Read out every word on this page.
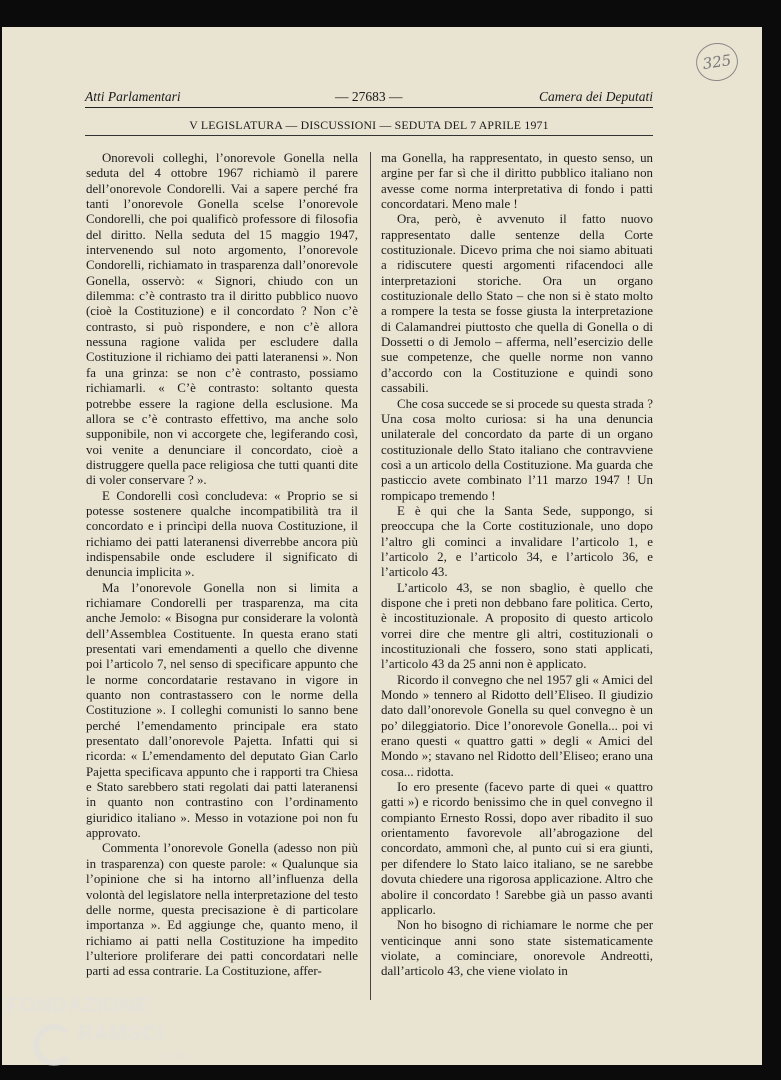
325
Atti Parlamentari	— 27683 —	Camera dei Deputati
V LEGISLATURA — DISCUSSIONI — SEDUTA DEL 7 APRILE 1971

Onorevoli colleghi, l’onorevole Gonella nella seduta del 4 ottobre 1967 richiamò il parere dell’onorevole Condorelli. Vai a sapere perché fra tanti l’onorevole Gonella scelse l’onorevole Condorelli, che poi qualificò professore di filosofia del diritto. Nella seduta del 15 maggio 1947, intervenendo sul noto argomento, l’onorevole Condorelli, richiamato in trasparenza dall’onorevole Gonella, osservò: « Signori, chiudo con un dilemma: c’è contrasto tra il diritto pubblico nuovo (cioè la Costituzione) e il concordato ? Non c’è contrasto, si può rispondere, e non c’è allora nessuna ragione valida per escludere dalla Costituzione il richiamo dei patti lateranensi ». Non fa una grinza: se non c’è contrasto, possiamo richiamarli. « C’è contrasto: soltanto questa potrebbe essere la ragione della esclusione. Ma allora se c’è contrasto effettivo, ma anche solo supponibile, non vi accorgete che, legiferando così, voi venite a denunciare il concordato, cioè a distruggere quella pace religiosa che tutti quanti dite di voler conservare ? ».

E Condorelli così concludeva: « Proprio se si potesse sostenere qualche incompatibilità tra il concordato e i princìpi della nuova Costituzione, il richiamo dei patti lateranensi diverrebbe ancora più indispensabile onde escludere il significato di denuncia implicita ».

Ma l’onorevole Gonella non si limita a richiamare Condorelli per trasparenza, ma cita anche Jemolo: « Bisogna pur considerare la volontà dell’Assemblea Costituente. In questa erano stati presentati vari emendamenti a quello che divenne poi l’articolo 7, nel senso di specificare appunto che le norme concordatarie restavano in vigore in quanto non contrastassero con le norme della Costituzione ». I colleghi comunisti lo sanno bene perché l’emendamento principale era stato presentato dall’onorevole Pajetta. Infatti qui si ricorda: « L’emendamento del deputato Gian Carlo Pajetta specificava appunto che i rapporti tra Chiesa e Stato sarebbero stati regolati dai patti lateranensi in quanto non contrastino con l’ordinamento giuridico italiano ». Messo in votazione poi non fu approvato.

Commenta l’onorevole Gonella (adesso non più in trasparenza) con queste parole: « Qualunque sia l’opinione che si ha intorno all’influenza della volontà del legislatore nella interpretazione del testo delle norme, questa precisazione è di particolare importanza ». Ed aggiunge che, quanto meno, il richiamo ai patti nella Costituzione ha impedito l’ulteriore proliferare dei patti concordatari nelle parti ad essa contrarie. La Costituzione, affer-

ma Gonella, ha rappresentato, in questo senso, un argine per far sì che il diritto pubblico italiano non avesse come norma interpretativa di fondo i patti concordatari. Meno male !

Ora, però, è avvenuto il fatto nuovo rappresentato dalle sentenze della Corte costituzionale. Dicevo prima che noi siamo abituati a ridiscutere questi argomenti rifacendoci alle interpretazioni storiche. Ora un organo costituzionale dello Stato – che non si è stato molto a rompere la testa se fosse giusta la interpretazione di Calamandrei piuttosto che quella di Gonella o di Dossetti o di Jemolo – afferma, nell’esercizio delle sue competenze, che quelle norme non vanno d’accordo con la Costituzione e quindi sono cassabili.

Che cosa succede se si procede su questa strada ? Una cosa molto curiosa: si ha una denuncia unilaterale del concordato da parte di un organo costituzionale dello Stato italiano che contravviene così a un articolo della Costituzione. Ma guarda che pasticcio avete combinato l’11 marzo 1947 ! Un rompicapo tremendo !

E è qui che la Santa Sede, suppongo, si preoccupa che la Corte costituzionale, uno dopo l’altro gli cominci a invalidare l’articolo 1, e l’articolo 2, e l’articolo 34, e l’articolo 36, e l’articolo 43.

L’articolo 43, se non sbaglio, è quello che dispone che i preti non debbano fare politica. Certo, è incostituzionale. A proposito di questo articolo vorrei dire che mentre gli altri, costituzionali o incostituzionali che fossero, sono stati applicati, l’articolo 43 da 25 anni non è applicato.

Ricordo il convegno che nel 1957 gli « Amici del Mondo » tennero al Ridotto dell’Eliseo. Il giudizio dato dall’onorevole Gonella su quel convegno è un po’ dileggiatorio. Dice l’onorevole Gonella... poi vi erano questi « quattro gatti » degli « Amici del Mondo »; stavano nel Ridotto dell’Eliseo; erano una cosa... ridotta.

Io ero presente (facevo parte di quei « quattro gatti ») e ricordo benissimo che in quel convegno il compianto Ernesto Rossi, dopo aver ribadito il suo orientamento favorevole all’abrogazione del concordato, ammonì che, al punto cui si era giunti, per difendere lo Stato laico italiano, se ne sarebbe dovuta chiedere una rigorosa applicazione. Altro che abolire il concordato ! Sarebbe già un passo avanti applicarlo.

Non ho bisogno di richiamare le norme che per venticinque anni sono state sistematicamente violate, a cominciare, onorevole Andreotti, dall’articolo 43, che viene violato in

FONDAZIONE
RAMSCI
onlus
